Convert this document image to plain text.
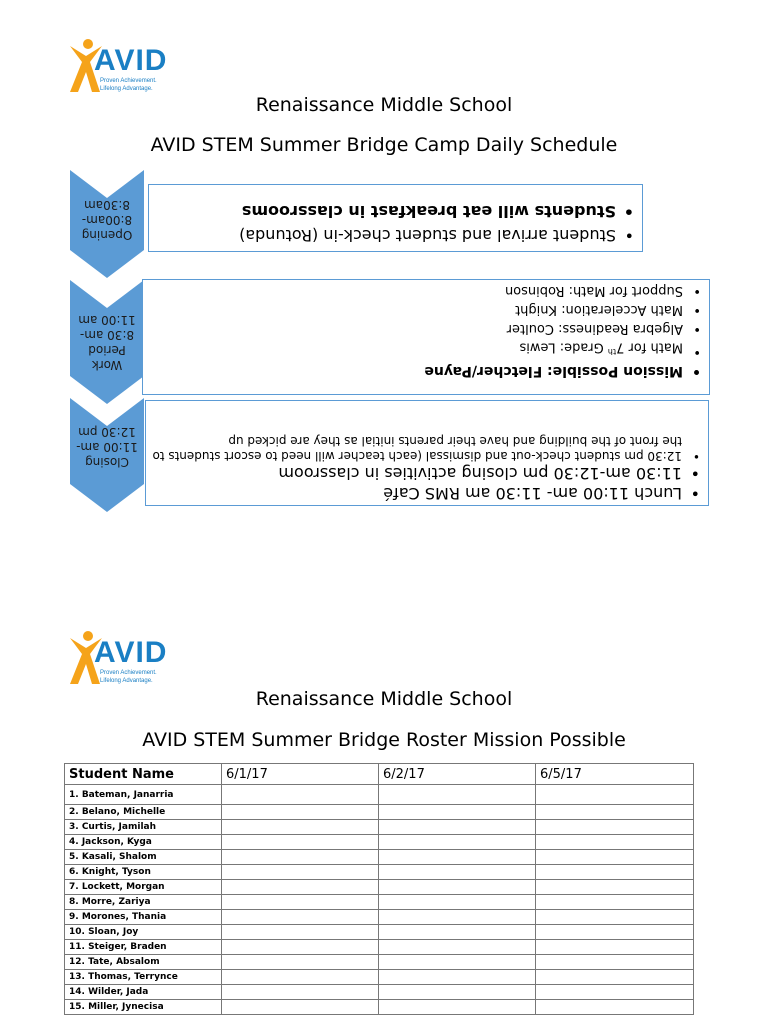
AVID
Proven Achievement.
Lifelong Advantage.
Renaissance Middle School
AVID STEM Summer Bridge Camp Daily Schedule
Opening
8:00am-
8:30am
• Student arrival and student check-in (Rotunda)
• Students will eat breakfast in classrooms
Work
Period
8:30 am-
11:00 am
• Mission Possible: Fletcher/Payne
• Math for 7th Grade: Lewis
• Algebra Readiness: Coulter
• Math Acceleration: Knight
• Support for Math: Robinson
Closing
11:00 am-
12:30 pm
• Lunch 11:00 am- 11:30 am RMS Café
• 11:30 am-12:30 pm closing activities in classroom
• 12:30 pm student check-out and dismissal (each teacher will need to escort students to the front of the building and have their parents initial as they are picked up
AVID
Proven Achievement.
Lifelong Advantage.
Renaissance Middle School
AVID STEM Summer Bridge Roster Mission Possible
Student Name	6/1/17	6/2/17	6/5/17
1. Bateman, Janarria			
2. Belano, Michelle			
3. Curtis, Jamilah			
4. Jackson, Kyga			
5. Kasali, Shalom			
6. Knight, Tyson			
7. Lockett, Morgan			
8. Morre, Zariya			
9. Morones, Thania			
10. Sloan, Joy			
11. Steiger, Braden			
12. Tate, Absalom			
13. Thomas, Terrynce			
14. Wilder, Jada			
15. Miller, Jynecisa			
